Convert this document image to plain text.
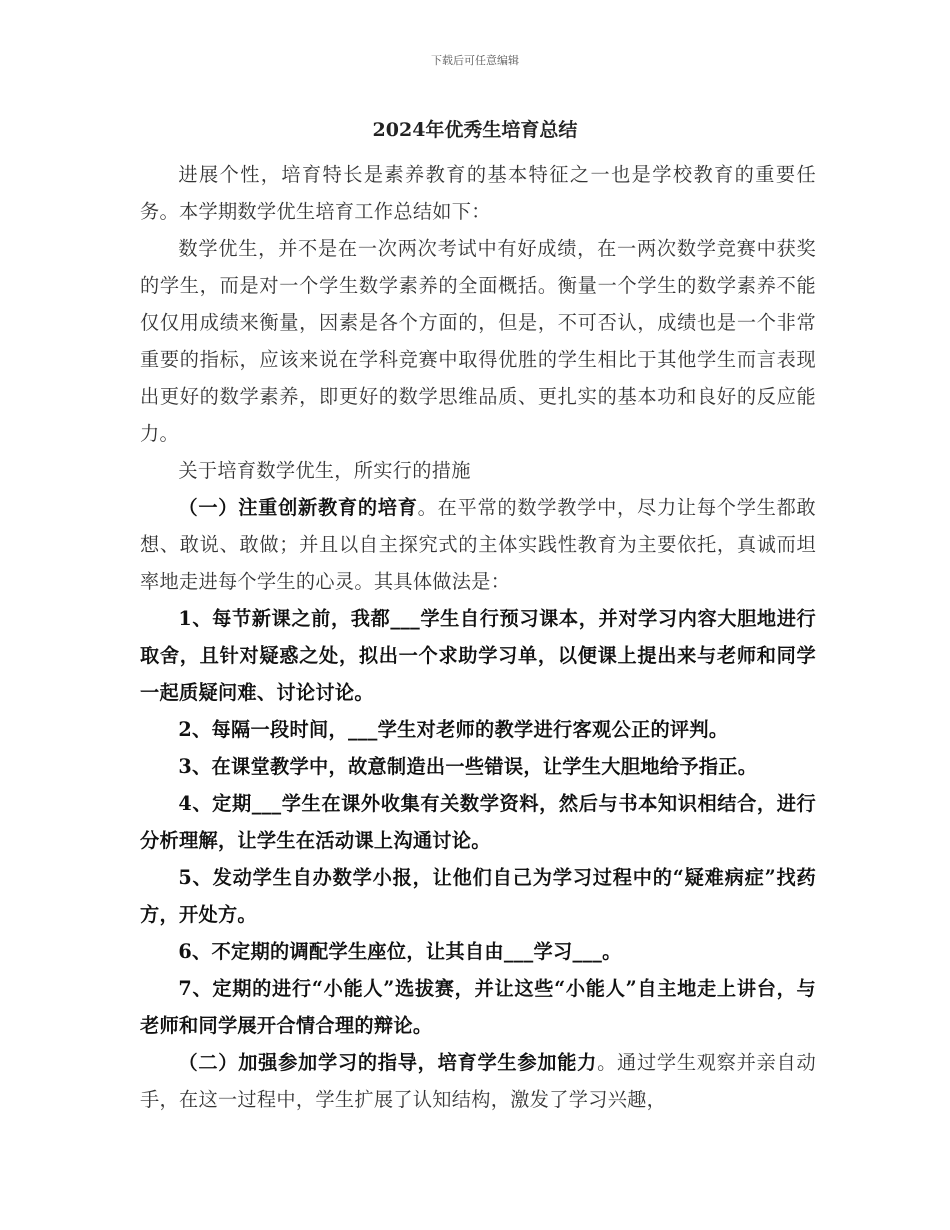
下载后可任意编辑
2024年优秀生培育总结

进展个性，培育特长是素养教育的基本特征之一也是学校教育的重要任务。本学期数学优生培育工作总结如下：

数学优生，并不是在一次两次考试中有好成绩，在一两次数学竞赛中获奖的学生，而是对一个学生数学素养的全面概括。衡量一个学生的数学素养不能仅仅用成绩来衡量，因素是各个方面的，但是，不可否认，成绩也是一个非常重要的指标，应该来说在学科竞赛中取得优胜的学生相比于其他学生而言表现出更好的数学素养，即更好的数学思维品质、更扎实的基本功和良好的反应能力。

关于培育数学优生，所实行的措施

（一）注重创新教育的培育。在平常的数学教学中，尽力让每个学生都敢想、敢说、敢做；并且以自主探究式的主体实践性教育为主要依托，真诚而坦率地走进每个学生的心灵。其具体做法是：

1、每节新课之前，我都___学生自行预习课本，并对学习内容大胆地进行取舍，且针对疑惑之处，拟出一个求助学习单，以便课上提出来与老师和同学一起质疑问难、讨论讨论。

2、每隔一段时间，___学生对老师的教学进行客观公正的评判。

3、在课堂教学中，故意制造出一些错误，让学生大胆地给予指正。

4、定期___学生在课外收集有关数学资料，然后与书本知识相结合，进行分析理解，让学生在活动课上沟通讨论。

5、发动学生自办数学小报，让他们自己为学习过程中的“疑难病症”找药方，开处方。

6、不定期的调配学生座位，让其自由___学习___。

7、定期的进行“小能人”选拔赛，并让这些“小能人”自主地走上讲台，与老师和同学展开合情合理的辩论。

（二）加强参加学习的指导，培育学生参加能力。通过学生观察并亲自动手，在这一过程中，学生扩展了认知结构，激发了学习兴趣，
